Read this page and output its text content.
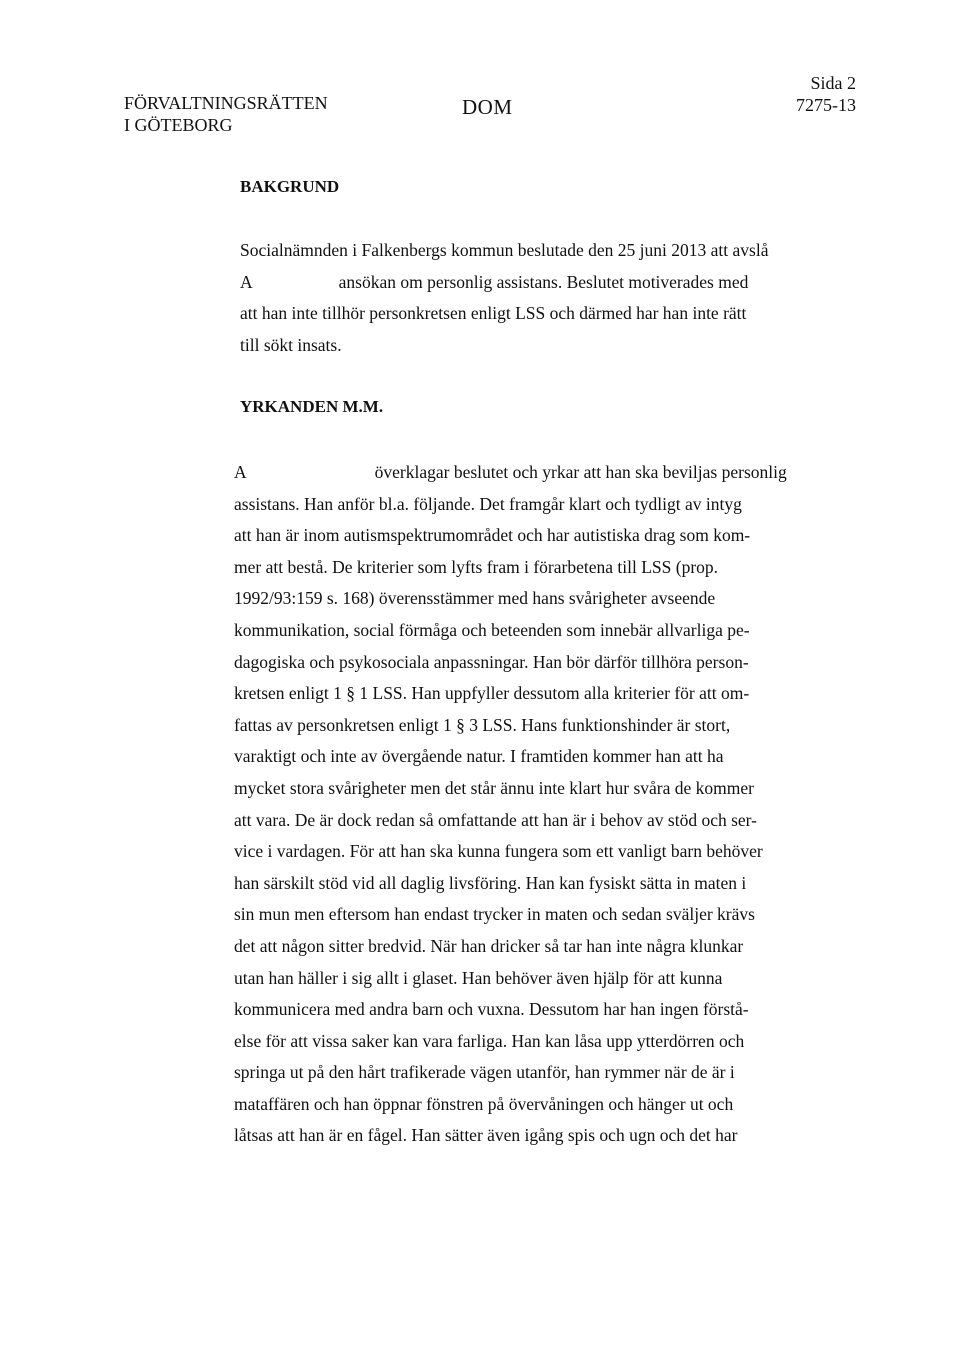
FÖRVALTNINGSRÄTTEN
I GÖTEBORG
DOM
Sida 2
7275-13
BAKGRUND
Socialnämnden i Falkenbergs kommun beslutade den 25 juni 2013 att avslå
A	ansökan om personlig assistans. Beslutet motiverades med
att han inte tillhör personkretsen enligt LSS och därmed har han inte rätt
till sökt insats.
YRKANDEN M.M.
A	överklagar beslutet och yrkar att han ska beviljas personlig
assistans. Han anför bl.a. följande. Det framgår klart och tydligt av intyg
att han är inom autismspektrumområdet och har autistiska drag som kom-
mer att bestå. De kriterier som lyfts fram i förarbetena till LSS (prop.
1992/93:159 s. 168) överensstämmer med hans svårigheter avseende
kommunikation, social förmåga och beteenden som innebär allvarliga pe-
dagogiska och psykosociala anpassningar. Han bör därför tillhöra person-
kretsen enligt 1 § 1 LSS. Han uppfyller dessutom alla kriterier för att om-
fattas av personkretsen enligt 1 § 3 LSS. Hans funktionshinder är stort,
varaktigt och inte av övergående natur. I framtiden kommer han att ha
mycket stora svårigheter men det står ännu inte klart hur svåra de kommer
att vara. De är dock redan så omfattande att han är i behov av stöd och ser-
vice i vardagen. För att han ska kunna fungera som ett vanligt barn behöver
han särskilt stöd vid all daglig livsföring. Han kan fysiskt sätta in maten i
sin mun men eftersom han endast trycker in maten och sedan sväljer krävs
det att någon sitter bredvid. När han dricker så tar han inte några klunkar
utan han häller i sig allt i glaset. Han behöver även hjälp för att kunna
kommunicera med andra barn och vuxna. Dessutom har han ingen förstå-
else för att vissa saker kan vara farliga. Han kan låsa upp ytterdörren och
springa ut på den hårt trafikerade vägen utanför, han rymmer när de är i
mataffären och han öppnar fönstren på övervåningen och hänger ut och
låtsas att han är en fågel. Han sätter även igång spis och ugn och det har
